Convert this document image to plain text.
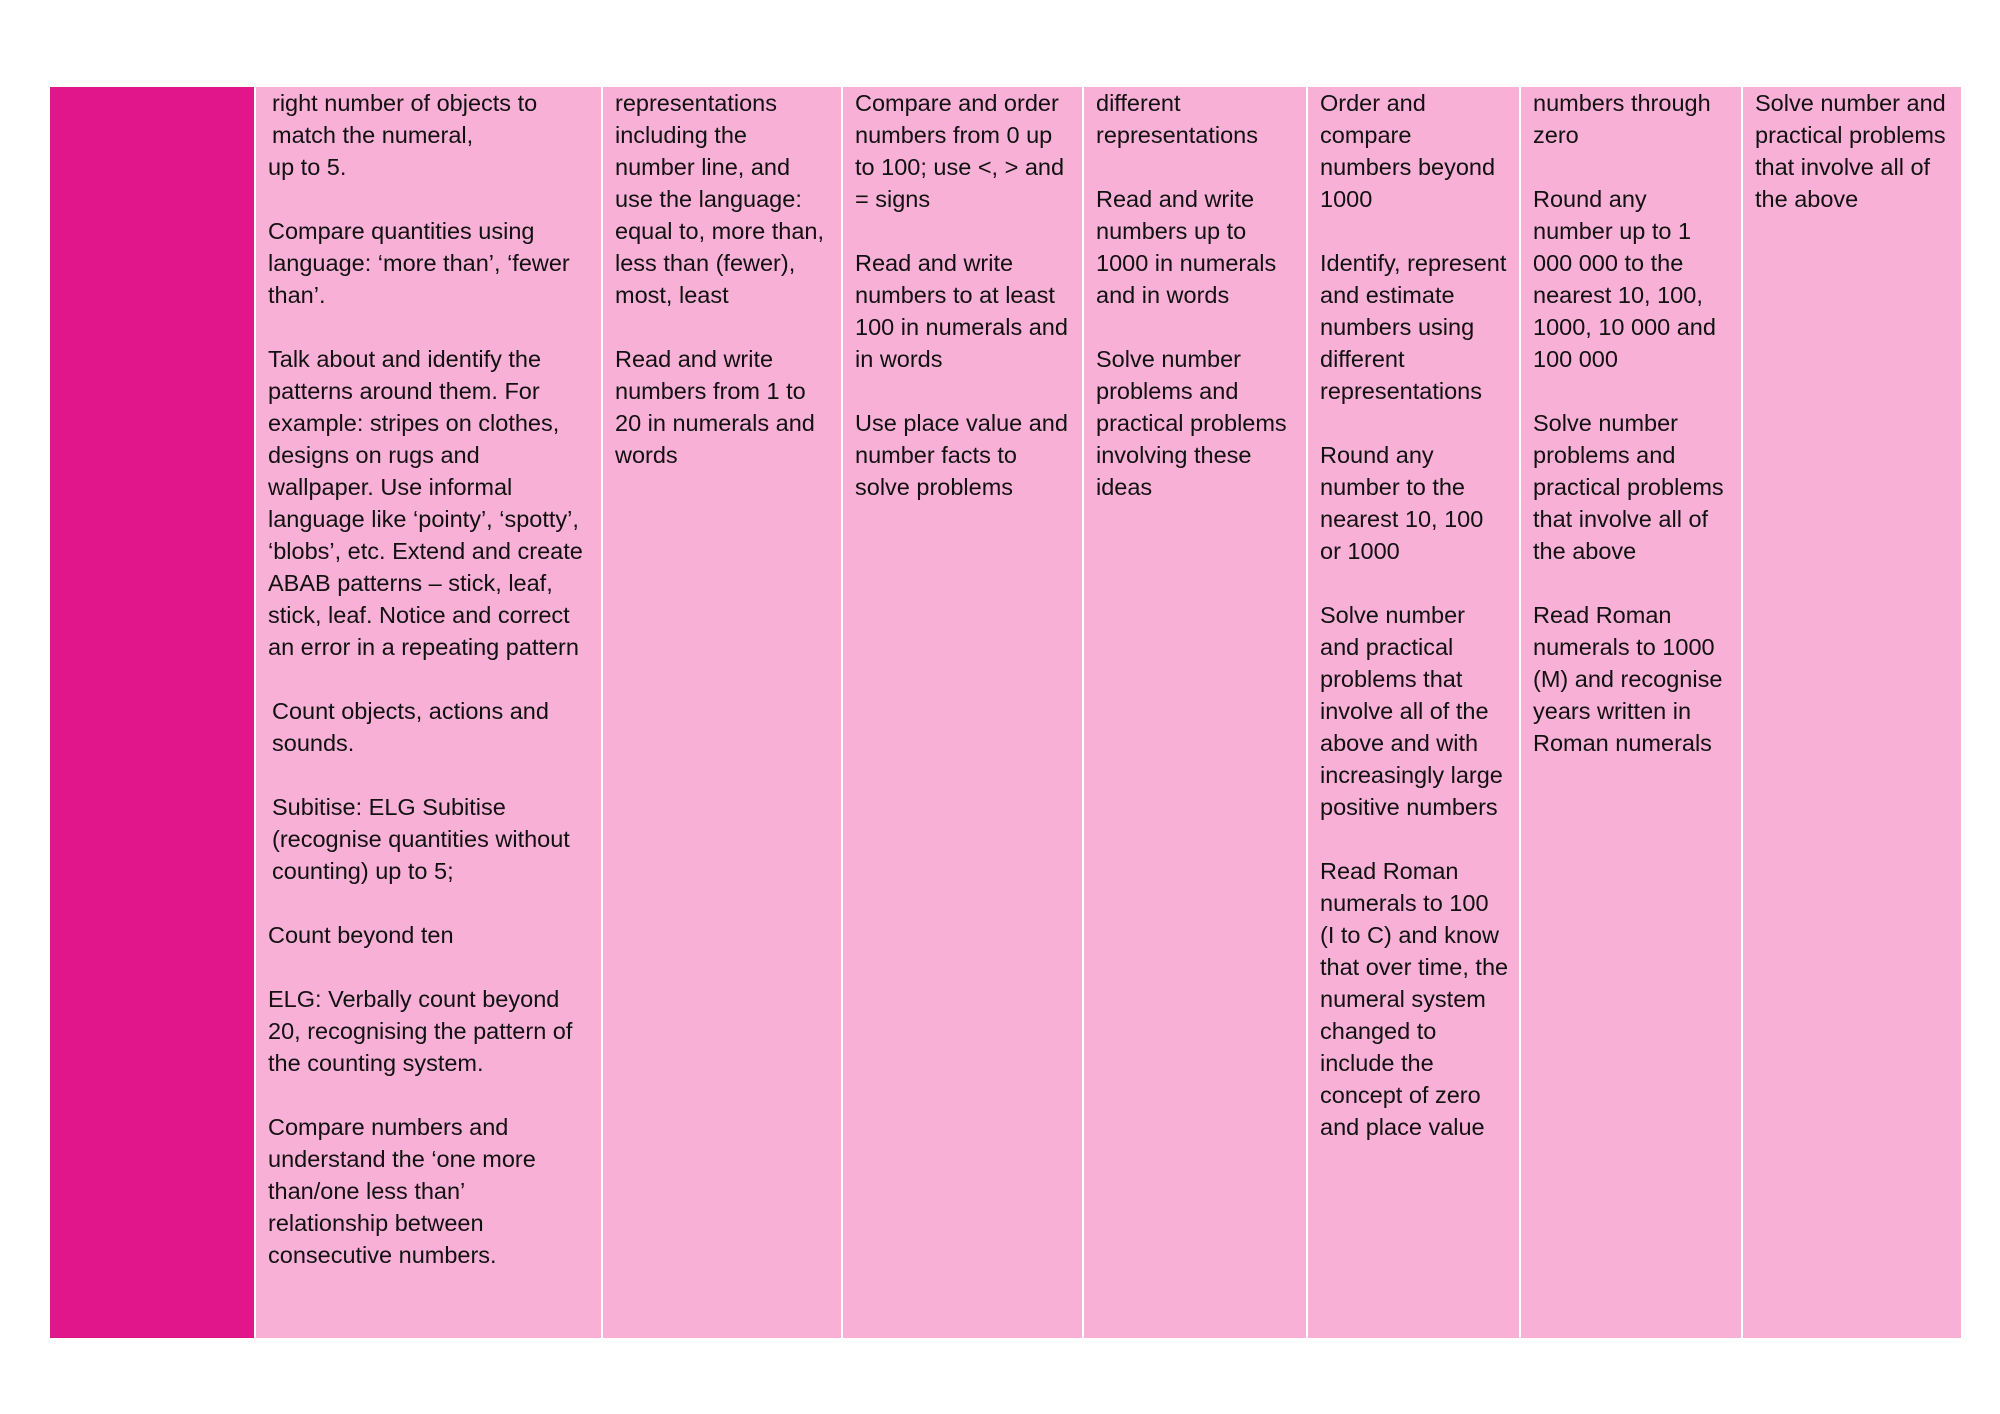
right number of objects to match the numeral,

up to 5.

Compare quantities using language: ‘more than’, ‘fewer than’.

Talk about and identify the patterns around them. For example: stripes on clothes, designs on rugs and wallpaper. Use informal language like ‘pointy’, ‘spotty’, ‘blobs’, etc. Extend and create ABAB patterns – stick, leaf, stick, leaf. Notice and correct an error in a repeating pattern

Count objects, actions and sounds.

Subitise: ELG Subitise (recognise quantities without counting) up to 5;

Count beyond ten

ELG: Verbally count beyond 20, recognising the pattern of the counting system.

Compare numbers and understand the ‘one more than/one less than’ relationship between consecutive numbers.

representations including the number line, and use the language: equal to, more than, less than (fewer), most, least

Read and write numbers from 1 to 20 in numerals and words

Compare and order numbers from 0 up to 100; use <, > and = signs

Read and write numbers to at least 100 in numerals and in words

Use place value and number facts to solve problems

different representations

Read and write numbers up to 1000 in numerals and in words

Solve number problems and practical problems involving these ideas

Order and compare numbers beyond 1000

Identify, represent and estimate numbers using different representations

Round any number to the nearest 10, 100 or 1000

Solve number and practical problems that involve all of the above and with increasingly large positive numbers

Read Roman numerals to 100 (I to C) and know that over time, the numeral system changed to include the concept of zero and place value

numbers through zero

Round any number up to 1 000 000 to the nearest 10, 100, 1000, 10 000 and 100 000

Solve number problems and practical problems that involve all of the above

Read Roman numerals to 1000 (M) and recognise years written in Roman numerals

Solve number and practical problems that involve all of the above
